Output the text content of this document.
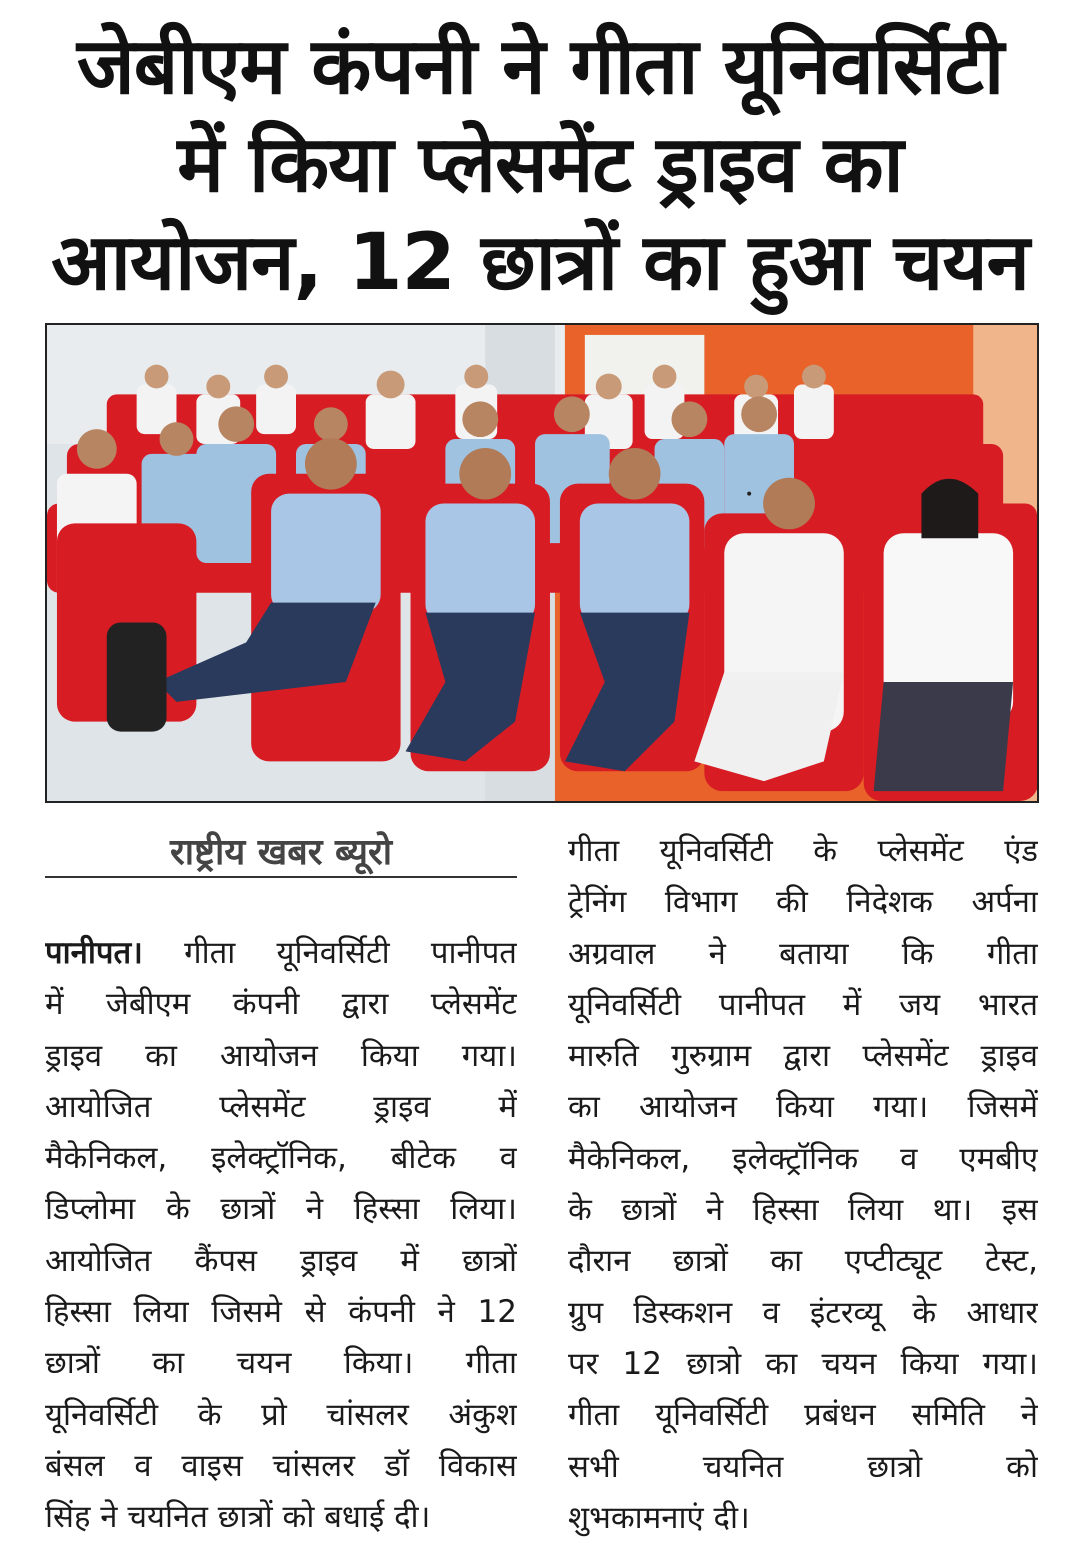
जेबीएम कंपनी ने गीता यूनिवर्सिटी
में किया प्लेसमेंट ड्राइव का
आयोजन, 12 छात्रों का हुआ चयन
राष्ट्रीय खबर ब्यूरो
पानीपत। गीता यूनिवर्सिटी पानीपत
में जेबीएम कंपनी द्वारा प्लेसमेंट
ड्राइव का आयोजन किया गया।
आयोजित प्लेसमेंट ड्राइव में
मैकेनिकल, इलेक्ट्रॉनिक, बीटेक व
डिप्लोमा के छात्रों ने हिस्सा लिया।
आयोजित कैंपस ड्राइव में छात्रों
हिस्सा लिया जिसमे से कंपनी ने 12
छात्रों का चयन किया। गीता
यूनिवर्सिटी के प्रो चांसलर अंकुश
बंसल व वाइस चांसलर डॉ विकास
सिंह ने चयनित छात्रों को बधाई दी।
गीता यूनिवर्सिटी के प्लेसमेंट एंड
ट्रेनिंग विभाग की निदेशक अर्पना
अग्रवाल ने बताया कि गीता
यूनिवर्सिटी पानीपत में जय भारत
मारुति गुरुग्राम द्वारा प्लेसमेंट ड्राइव
का आयोजन किया गया। जिसमें
मैकेनिकल, इलेक्ट्रॉनिक व एमबीए
के छात्रों ने हिस्सा लिया था। इस
दौरान छात्रों का एप्टीट्यूट टेस्ट,
ग्रुप डिस्कशन व इंटरव्यू के आधार
पर 12 छात्रो का चयन किया गया।
गीता यूनिवर्सिटी प्रबंधन समिति ने
सभी चयनित छात्रो को
शुभकामनाएं दी।
